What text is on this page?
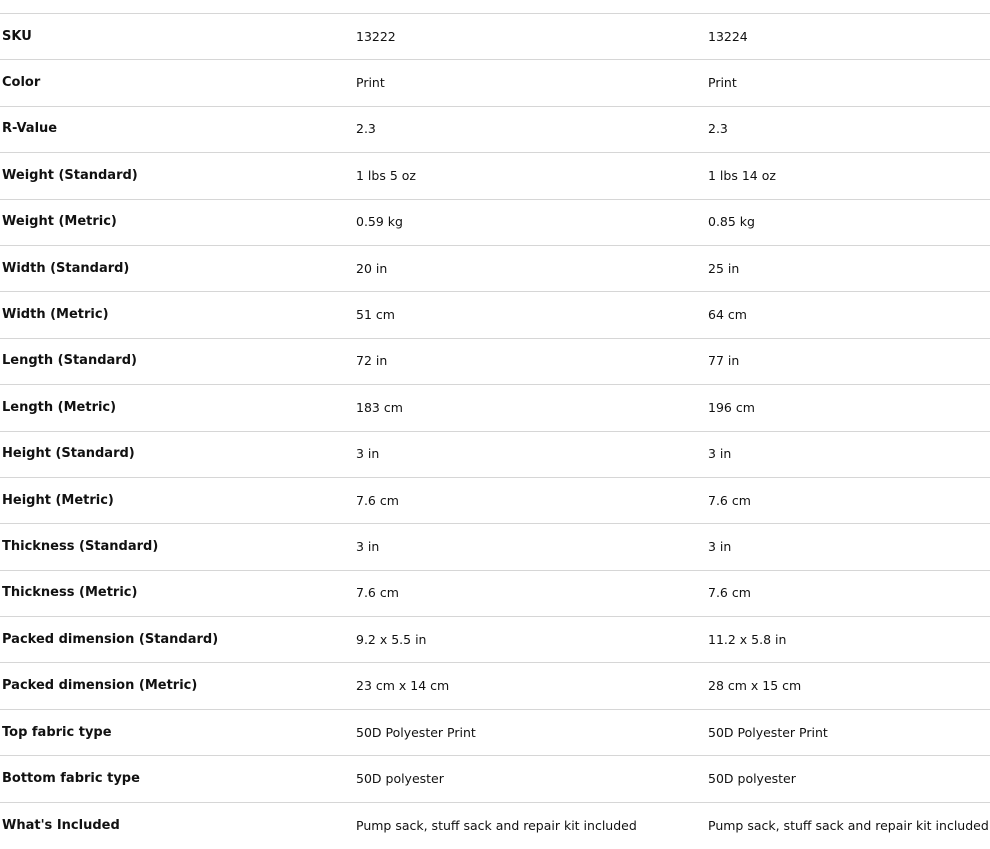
SKU	13222	13224
Color	Print	Print
R-Value	2.3	2.3
Weight (Standard)	1 lbs 5 oz	1 lbs 14 oz
Weight (Metric)	0.59 kg	0.85 kg
Width (Standard)	20 in	25 in
Width (Metric)	51 cm	64 cm
Length (Standard)	72 in	77 in
Length (Metric)	183 cm	196 cm
Height (Standard)	3 in	3 in
Height (Metric)	7.6 cm	7.6 cm
Thickness (Standard)	3 in	3 in
Thickness (Metric)	7.6 cm	7.6 cm
Packed dimension (Standard)	9.2 x 5.5 in	11.2 x 5.8 in
Packed dimension (Metric)	23 cm x 14 cm	28 cm x 15 cm
Top fabric type	50D Polyester Print	50D Polyester Print
Bottom fabric type	50D polyester	50D polyester
What's Included	Pump sack, stuff sack and repair kit included	Pump sack, stuff sack and repair kit included
